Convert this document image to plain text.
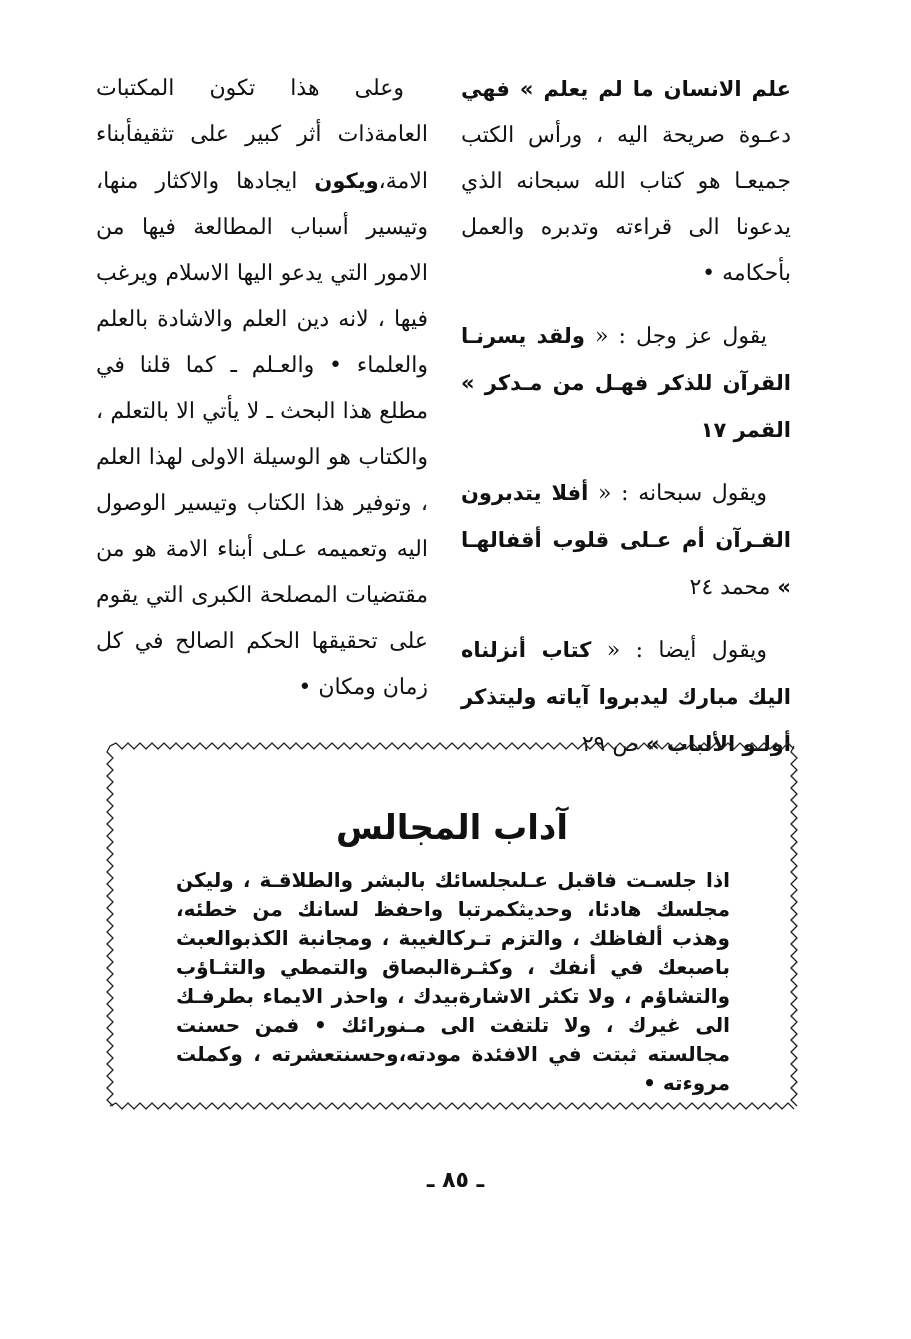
علم الانسان ما لم يعلم » فهي دعـوة صريحة اليه ، ورأس الكتب جميعـا هو كتاب الله سبحانه الذي يدعونا الى قراءته وتدبره والعمل بأحكامه •

يقول عز وجل : « ولقد يسرنـا القرآن للذكر فهـل من مـدكر » القمر ١٧

ويقول سبحانه : « أفلا يتدبرون القـرآن أم عـلى قلوب أقفالهـا » محمد ٢٤

ويقول أيضا : « كتاب أنزلناه اليك مبارك ليدبروا آياته وليتذكر أولـو الألباب » ص ٢٩

وعلى هذا تكون المكتبات العامةذات أثر كبير على تثقيفأبناء الامة،ويكون ايجادها والاكثار منها، وتيسير أسباب المطالعة فيها من الامور التي يدعو اليها الاسلام ويرغب فيها ، لانه دين العلم والاشادة بالعلم والعلماء • والعـلم ـ كما قلنا في مطلع هذا البحث ـ لا يأتي الا بالتعلم ، والكتاب هو الوسيلة الاولى لهذا العلم ، وتوفير هذا الكتاب وتيسير الوصول اليه وتعميمه عـلى أبناء الامة هو من مقتضيات المصلحة الكبرى التي يقوم على تحقيقها الحكم الصالح في كل زمان ومكان •

آداب المجالس
اذا جلسـت فاقبل عـلىجلسائك بالبشر والطلاقـة ، وليكن مجلسك هادئا، وحديثكمرتبا واحفظ لسانك من خطئه، وهذب ألفاظك ، والتزم تـركالغيبة ، ومجانبة الكذبوالعبث باصبعك في أنفك ، وكثـرةالبصاق والتمطي والتثـاؤب والتشاؤم ، ولا تكثر الاشارةبيدك ، واحذر الايماء بطرفـك الى غيرك ، ولا تلتفت الى مـنورائك • فمن حسنت مجالسته ثبتت في الافئدة مودته،وحسنتعشرته ، وكملت مروءته •
ـ ٨٥ ـ
